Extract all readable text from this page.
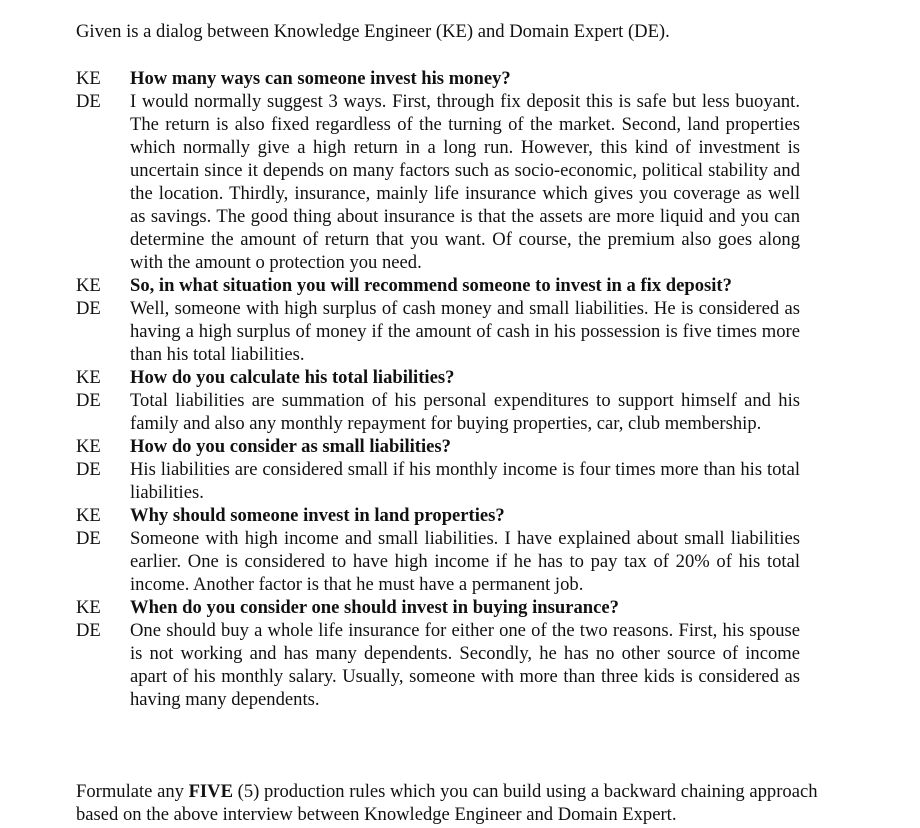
Given is a dialog between Knowledge Engineer (KE) and Domain Expert (DE).
KE	How many ways can someone invest his money?
DE	I would normally suggest 3 ways. First, through fix deposit this is safe but less buoyant. The return is also fixed regardless of the turning of the market. Second, land properties which normally give a high return in a long run. However, this kind of investment is uncertain since it depends on many factors such as socio-economic, political stability and the location. Thirdly, insurance, mainly life insurance which gives you coverage as well as savings. The good thing about insurance is that the assets are more liquid and you can determine the amount of return that you want. Of course, the premium also goes along with the amount o protection you need.
KE	So, in what situation you will recommend someone to invest in a fix deposit?
DE	Well, someone with high surplus of cash money and small liabilities. He is considered as having a high surplus of money if the amount of cash in his possession is five times more than his total liabilities.
KE	How do you calculate his total liabilities?
DE	Total liabilities are summation of his personal expenditures to support himself and his family and also any monthly repayment for buying properties, car, club membership.
KE	How do you consider as small liabilities?
DE	His liabilities are considered small if his monthly income is four times more than his total liabilities.
KE	Why should someone invest in land properties?
DE	Someone with high income and small liabilities. I have explained about small liabilities earlier. One is considered to have high income if he has to pay tax of 20% of his total income. Another factor is that he must have a permanent job.
KE	When do you consider one should invest in buying insurance?
DE	One should buy a whole life insurance for either one of the two reasons. First, his spouse is not working and has many dependents. Secondly, he has no other source of income apart of his monthly salary. Usually, someone with more than three kids is considered as having many dependents.
Formulate any FIVE (5) production rules which you can build using a backward chaining approach
based on the above interview between Knowledge Engineer and Domain Expert.
